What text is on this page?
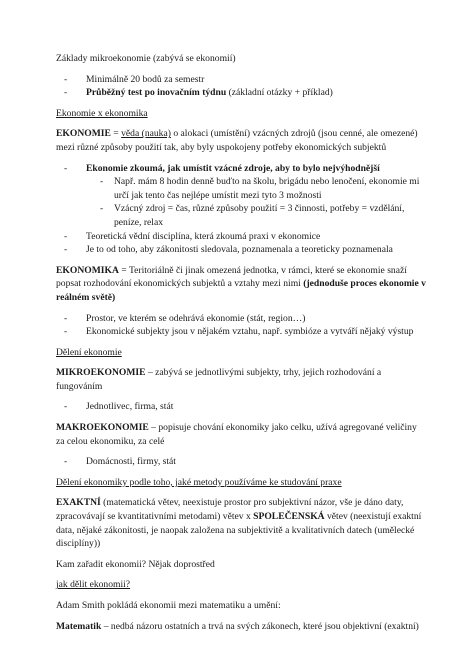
Základy mikroekonomie (zabývá se ekonomií)

- Minimálně 20 bodů za semestr

- Průběžný test po inovačním týdnu (základní otázky + příklad)

Ekonomie x ekonomika

EKONOMIE = věda (nauka) o alokaci (umístění) vzácných zdrojů (jsou cenné, ale omezené) mezi různé způsoby použití tak, aby byly uspokojeny potřeby ekonomických subjektů

- Ekonomie zkoumá, jak umístit vzácné zdroje, aby to bylo nejvýhodnější

- Např. mám 8 hodin denně buďto na školu, brigádu nebo lenočení, ekonomie mi určí jak tento čas nejlépe umístit mezi tyto 3 možnosti

- Vzácný zdroj = čas, různé způsoby použití = 3 činnosti, potřeby = vzdělání, peníze, relax

- Teoretická vědní disciplína, která zkoumá praxi v ekonomice

- Je to od toho, aby zákonitosti sledovala, poznamenala a teoreticky poznamenala

EKONOMIKA = Teritoriálně či jinak omezená jednotka, v rámci, které se ekonomie snaží popsat rozhodování ekonomických subjektů a vztahy mezi nimi (jednoduše proces ekonomie v reálném světě)

- Prostor, ve kterém se odehrává ekonomie (stát, region…)

- Ekonomické subjekty jsou v nějakém vztahu, např. symbióze a vytváří nějaký výstup

Dělení ekonomie

MIKROEKONOMIE – zabývá se jednotlivými subjekty, trhy, jejich rozhodování a fungováním

- Jednotlivec, firma, stát

MAKROEKONOMIE – popisuje chování ekonomiky jako celku, užívá agregované veličiny za celou ekonomiku, za celé

- Domácnosti, firmy, stát

Dělení ekonomiky podle toho, jaké metody používáme ke studování praxe

EXAKTNÍ (matematická větev, neexistuje prostor pro subjektivní názor, vše je dáno daty, zpracovávají se kvantitativními metodami) větev x SPOLEČENSKÁ větev (neexistují exaktní data, nějaké zákonitosti, je naopak založena na subjektivitě a kvalitativních datech (umělecké disciplíny))

Kam zařadit ekonomii? Nějak doprostřed

jak dělit ekonomii?

Adam Smith pokládá ekonomii mezi matematiku a umění:

Matematik – nedbá názoru ostatních a trvá na svých zákonech, které jsou objektivní (exaktní)
